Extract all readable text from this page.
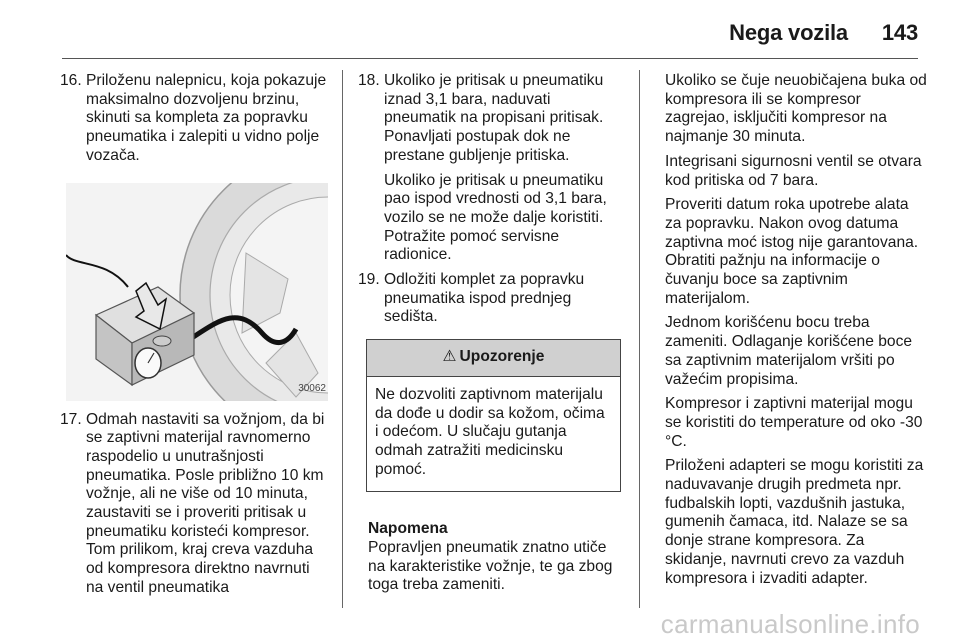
Nega vozila 143
16. Priloženu nalepnicu, koja pokazuje maksimalno dozvoljenu brzinu, skinuti sa kompleta za popravku pneumatika i zalepiti u vidno polje vozača.
30062
17. Odmah nastaviti sa vožnjom, da bi se zaptivni materijal ravnomerno raspodelio u unutrašnjosti pneumatika. Posle približno 10 km vožnje, ali ne više od 10 minuta, zaustaviti se i proveriti pritisak u pneumatiku koristeći kompresor. Tom prilikom, kraj creva vazduha od kompresora direktno navrnuti na ventil pneumatika
18. Ukoliko je pritisak u pneumatiku iznad 3,1 bara, naduvati pneumatik na propisani pritisak. Ponavljati postupak dok ne prestane gubljenje pritiska.

Ukoliko je pritisak u pneumatiku pao ispod vrednosti od 3,1 bara, vozilo se ne može dalje koristiti. Potražite pomoć servisne radionice.

19. Odložiti komplet za popravku pneumatika ispod prednjeg sedišta.
⚠ Upozorenje
Ne dozvoliti zaptivnom materijalu da dođe u dodir sa kožom, očima i odećom. U slučaju gutanja odmah zatražiti medicinsku pomoć.
Napomena
Popravljen pneumatik znatno utiče na karakteristike vožnje, te ga zbog toga treba zameniti.

Ukoliko se čuje neuobičajena buka od kompresora ili se kompresor zagrejao, isključiti kompresor na najmanje 30 minuta.

Integrisani sigurnosni ventil se otvara kod pritiska od 7 bara.

Proveriti datum roka upotrebe alata za popravku. Nakon ovog datuma zaptivna moć istog nije garantovana. Obratiti pažnju na informacije o čuvanju boce sa zaptivnim materijalom.

Jednom korišćenu bocu treba zameniti. Odlaganje korišćene boce sa zaptivnim materijalom vršiti po važećim propisima.

Kompresor i zaptivni materijal mogu se koristiti do temperature od oko -30 °C.

Priloženi adapteri se mogu koristiti za naduvavanje drugih predmeta npr. fudbalskih lopti, vazdušnih jastuka, gumenih čamaca, itd. Nalaze se sa donje strane kompresora. Za skidanje, navrnuti crevo za vazduh kompresora i izvaditi adapter.

carmanualsonline.info
